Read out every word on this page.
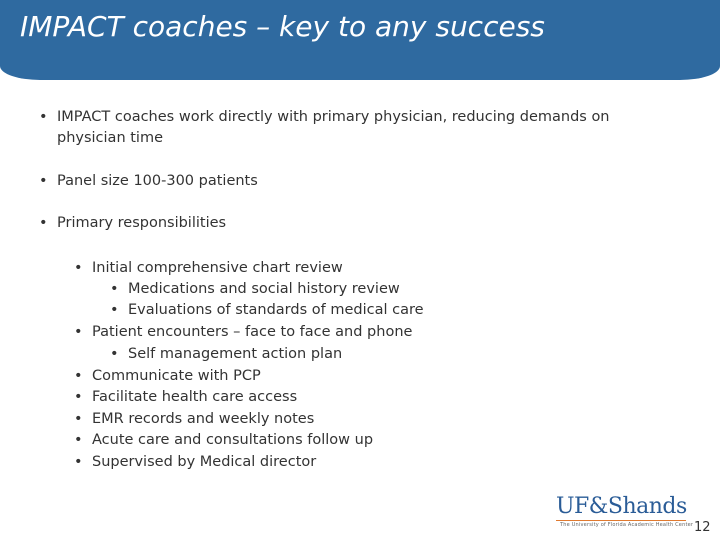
IMPACT coaches – key to any success
• IMPACT coaches work directly with primary physician, reducing demands on
physician time
• Panel size 100-300 patients
• Primary responsibilities
• Initial comprehensive chart review
• Medications and social history review
• Evaluations of standards of medical care
• Patient encounters – face to face and phone
• Self management action plan
• Communicate with PCP
• Facilitate health care access
• EMR records and weekly notes
• Acute care and consultations follow up
• Supervised by Medical director
UF&Shands
The University of Florida Academic Health Center 12
